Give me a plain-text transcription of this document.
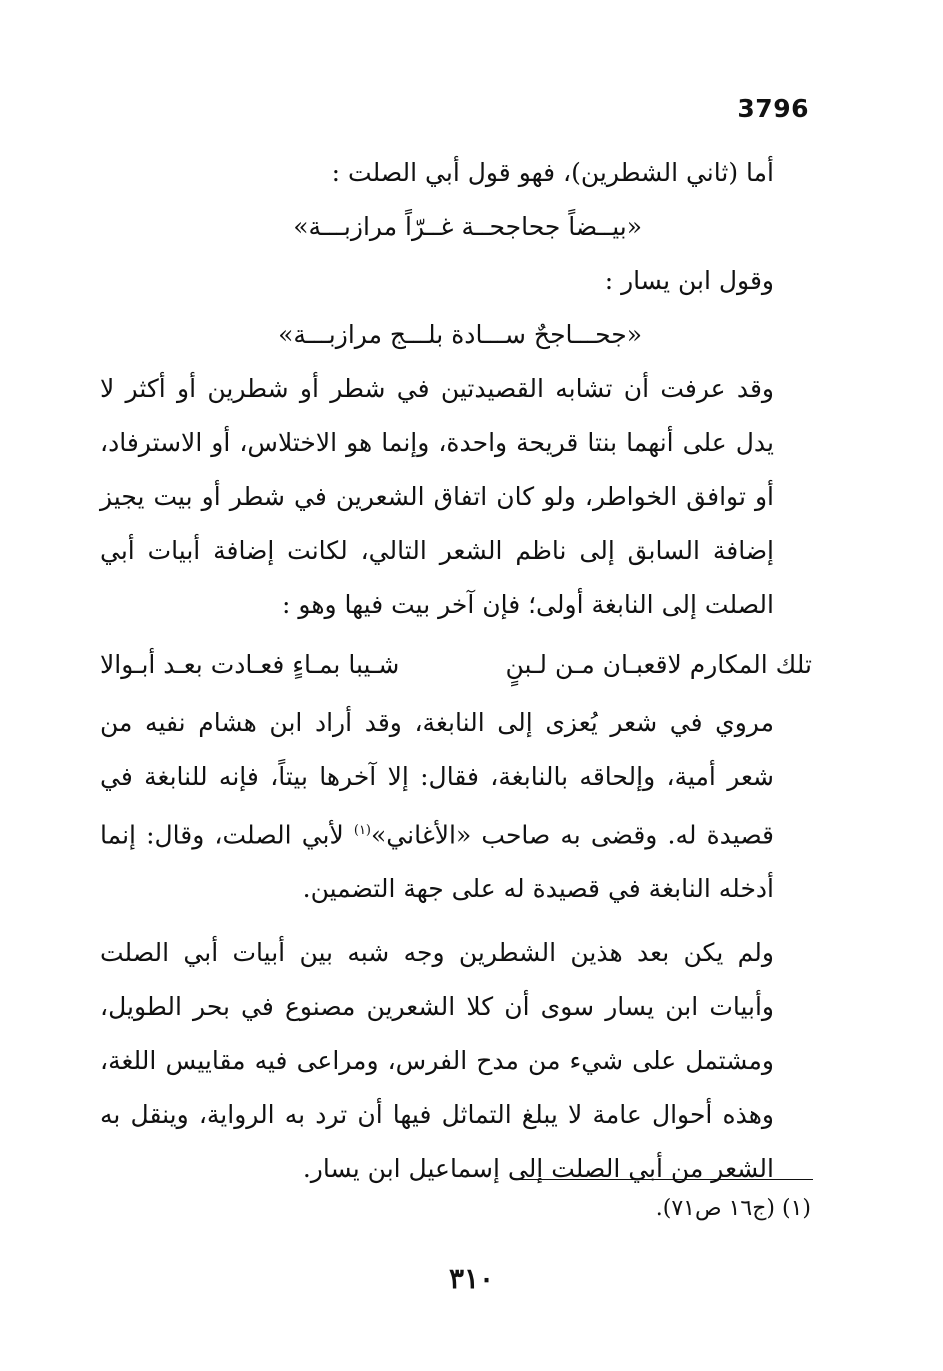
3796
أما (ثاني الشطرين)، فهو قول أبي الصلت :
«بيــضاً جحاجحــة غــرّاً مرازبـــة»
وقول ابن يسار :
«جحـــاجحٌ ســـادة بلـــج مرازبـــة»

وقد عرفت أن تشابه القصيدتين في شطر أو شطرين أو أكثر لا يدل على أنهما بنتا قريحة واحدة، وإنما هو الاختلاس، أو الاسترفاد، أو توافق الخواطر، ولو كان اتفاق الشعرين في شطر أو بيت يجيز إضافة السابق إلى ناظم الشعر التالي، لكانت إضافة أبيات أبي الصلت إلى النابغة أولى؛ فإن آخر بيت فيها وهو :

تلك المكارم لاقعبـان مـن لـبنٍ
شـيبا بمـاءٍ فعـادت بعـد أبـوالا

مروي في شعر يُعزى إلى النابغة، وقد أراد ابن هشام نفيه من شعر أمية، وإلحاقه بالنابغة، فقال: إلا آخرها بيتاً، فإنه للنابغة في قصيدة له. وقضى به صاحب «الأغاني»$^{(١)}$ لأبي الصلت، وقال: إنما أدخله النابغة في قصيدة له على جهة التضمين.

ولم يكن بعد هذين الشطرين وجه شبه بين أبيات أبي الصلت وأبيات ابن يسار سوى أن كلا الشعرين مصنوع في بحر الطويل، ومشتمل على شيء من مدح الفرس، ومراعى فيه مقاييس اللغة، وهذه أحوال عامة لا يبلغ التماثل فيها أن ترد به الرواية، وينقل به الشعر من أبي الصلت إلى إسماعيل ابن يسار.

(١) (ج١٦ ص٧١).
٣١٠
